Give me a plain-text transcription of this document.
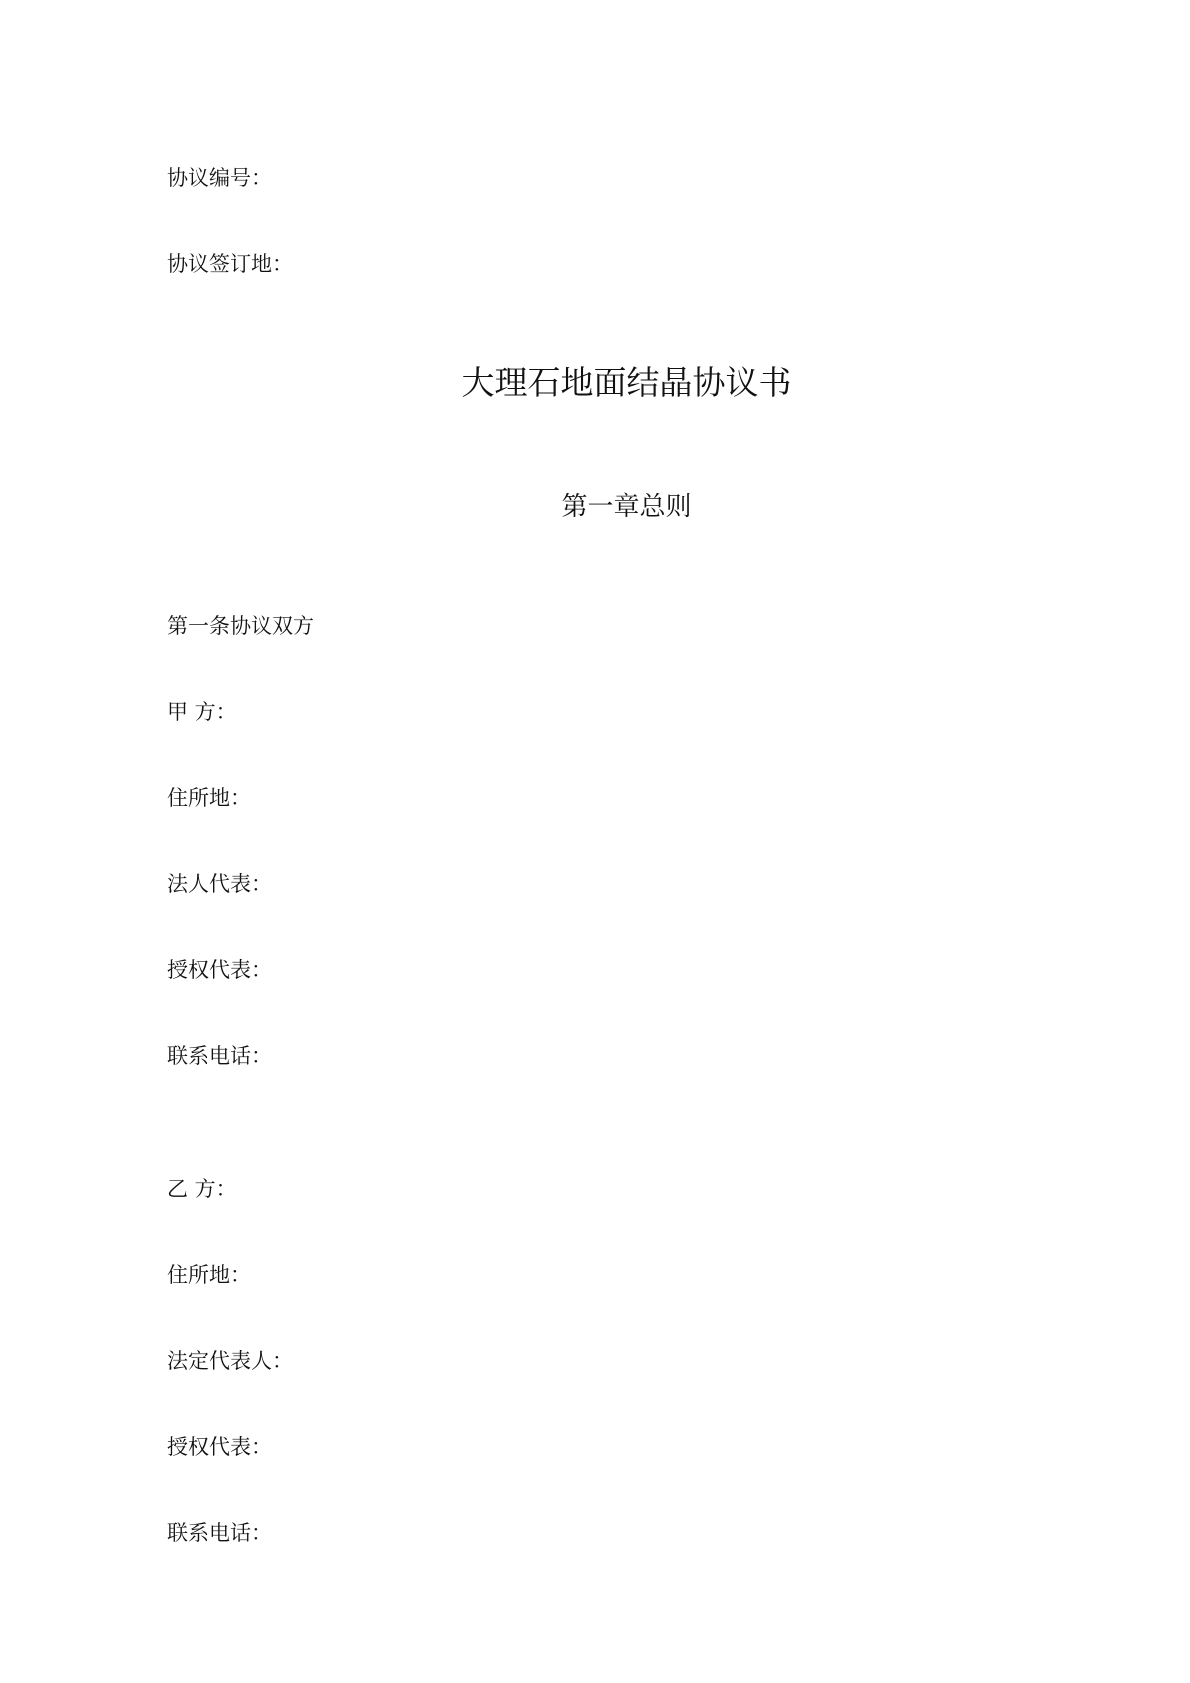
协议编号：
协议签订地：
大理石地面结晶协议书
第一章总则
第一条协议双方
甲 方：
住所地：
法人代表：
授权代表：
联系电话：
乙 方：
住所地：
法定代表人：
授权代表：
联系电话：
